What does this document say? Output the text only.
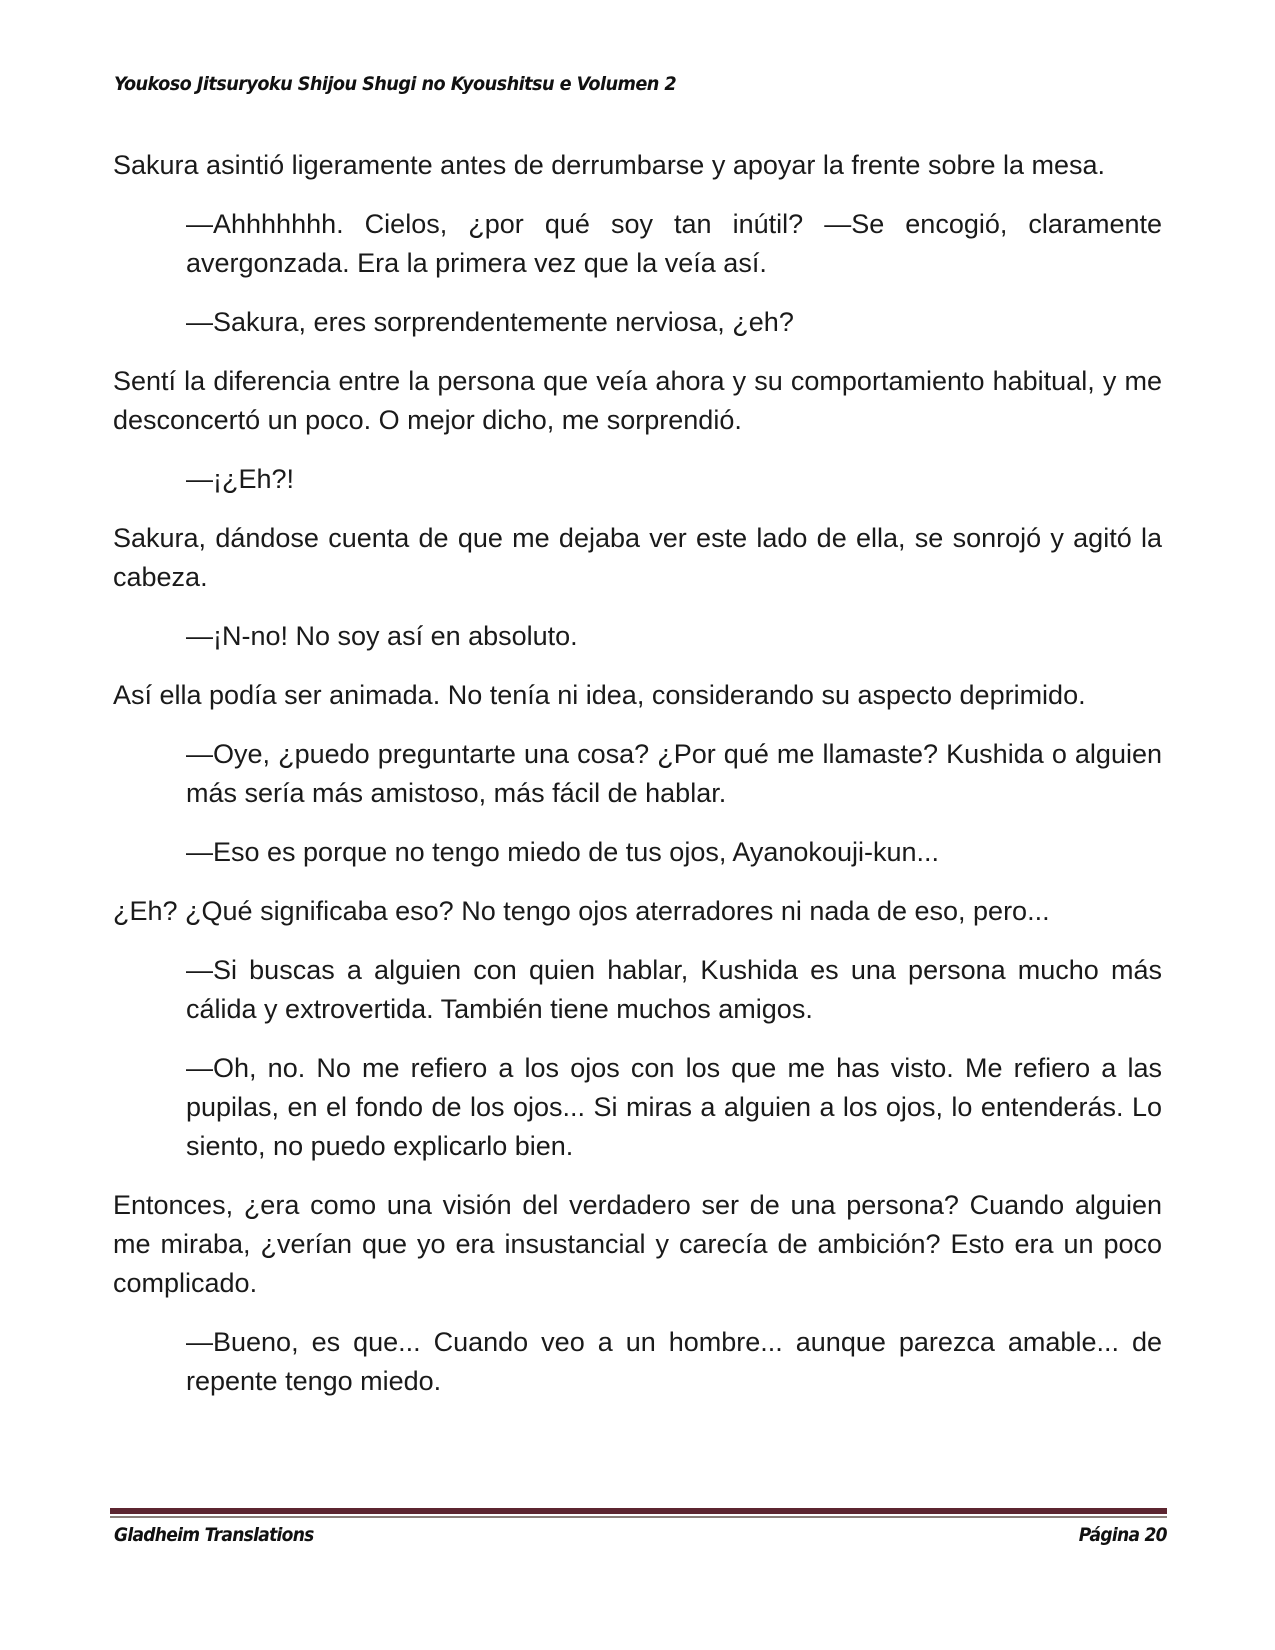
Youkoso Jitsuryoku Shijou Shugi no Kyoushitsu e Volumen 2

Sakura asintió ligeramente antes de derrumbarse y apoyar la frente sobre la mesa.

—Ahhhhhhh. Cielos, ¿por qué soy tan inútil? —Se encogió, claramente avergonzada. Era la primera vez que la veía así.

—Sakura, eres sorprendentemente nerviosa, ¿eh?

Sentí la diferencia entre la persona que veía ahora y su comportamiento habitual, y me desconcertó un poco. O mejor dicho, me sorprendió.

—¡¿Eh?!

Sakura, dándose cuenta de que me dejaba ver este lado de ella, se sonrojó y agitó la cabeza.

—¡N-no! No soy así en absoluto.

Así ella podía ser animada. No tenía ni idea, considerando su aspecto deprimido.

—Oye, ¿puedo preguntarte una cosa? ¿Por qué me llamaste? Kushida o alguien más sería más amistoso, más fácil de hablar.

—Eso es porque no tengo miedo de tus ojos, Ayanokouji-kun...

¿Eh? ¿Qué significaba eso? No tengo ojos aterradores ni nada de eso, pero...

—Si buscas a alguien con quien hablar, Kushida es una persona mucho más cálida y extrovertida. También tiene muchos amigos.

—Oh, no. No me refiero a los ojos con los que me has visto. Me refiero a las pupilas, en el fondo de los ojos... Si miras a alguien a los ojos, lo entenderás. Lo siento, no puedo explicarlo bien.

Entonces, ¿era como una visión del verdadero ser de una persona? Cuando alguien me miraba, ¿verían que yo era insustancial y carecía de ambición? Esto era un poco complicado.

—Bueno, es que... Cuando veo a un hombre... aunque parezca amable... de repente tengo miedo.

Gladheim Translations	Página 20
